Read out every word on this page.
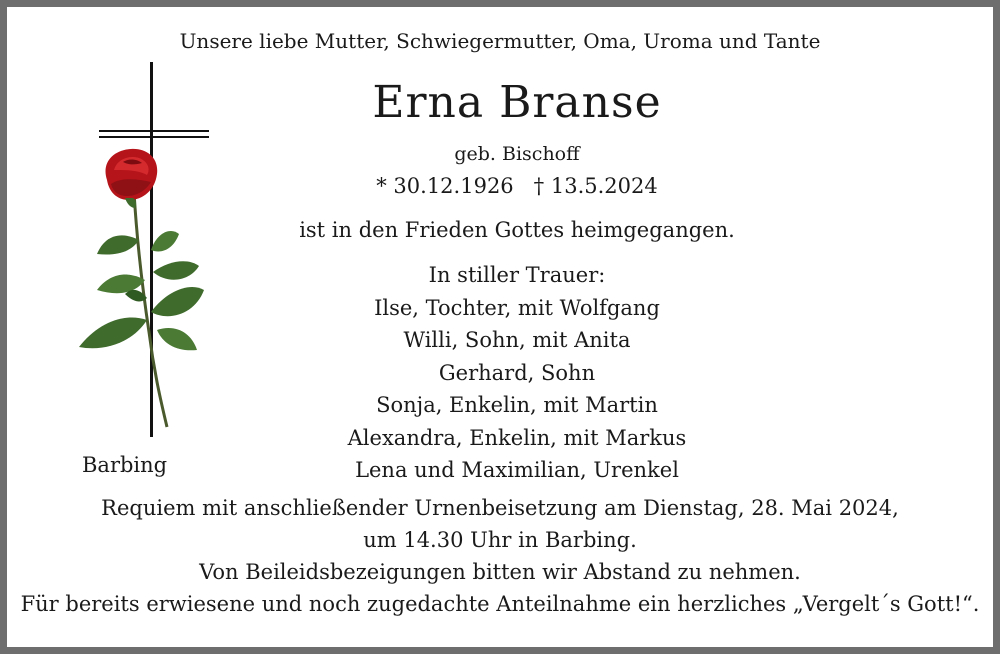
Unsere liebe Mutter, Schwiegermutter, Oma, Uroma und Tante
Erna Branse
geb. Bischoff
* 30.12.1926 † 13.5.2024
ist in den Frieden Gottes heimgegangen.
In stiller Trauer:
Ilse, Tochter, mit Wolfgang
Willi, Sohn, mit Anita
Gerhard, Sohn
Sonja, Enkelin, mit Martin
Alexandra, Enkelin, mit Markus
Lena und Maximilian, Urenkel
Barbing
Requiem mit anschließender Urnenbeisetzung am Dienstag, 28. Mai 2024,
um 14.30 Uhr in Barbing.
Von Beileidsbezeigungen bitten wir Abstand zu nehmen.
Für bereits erwiesene und noch zugedachte Anteilnahme ein herzliches „Vergelt´s Gott!“.
